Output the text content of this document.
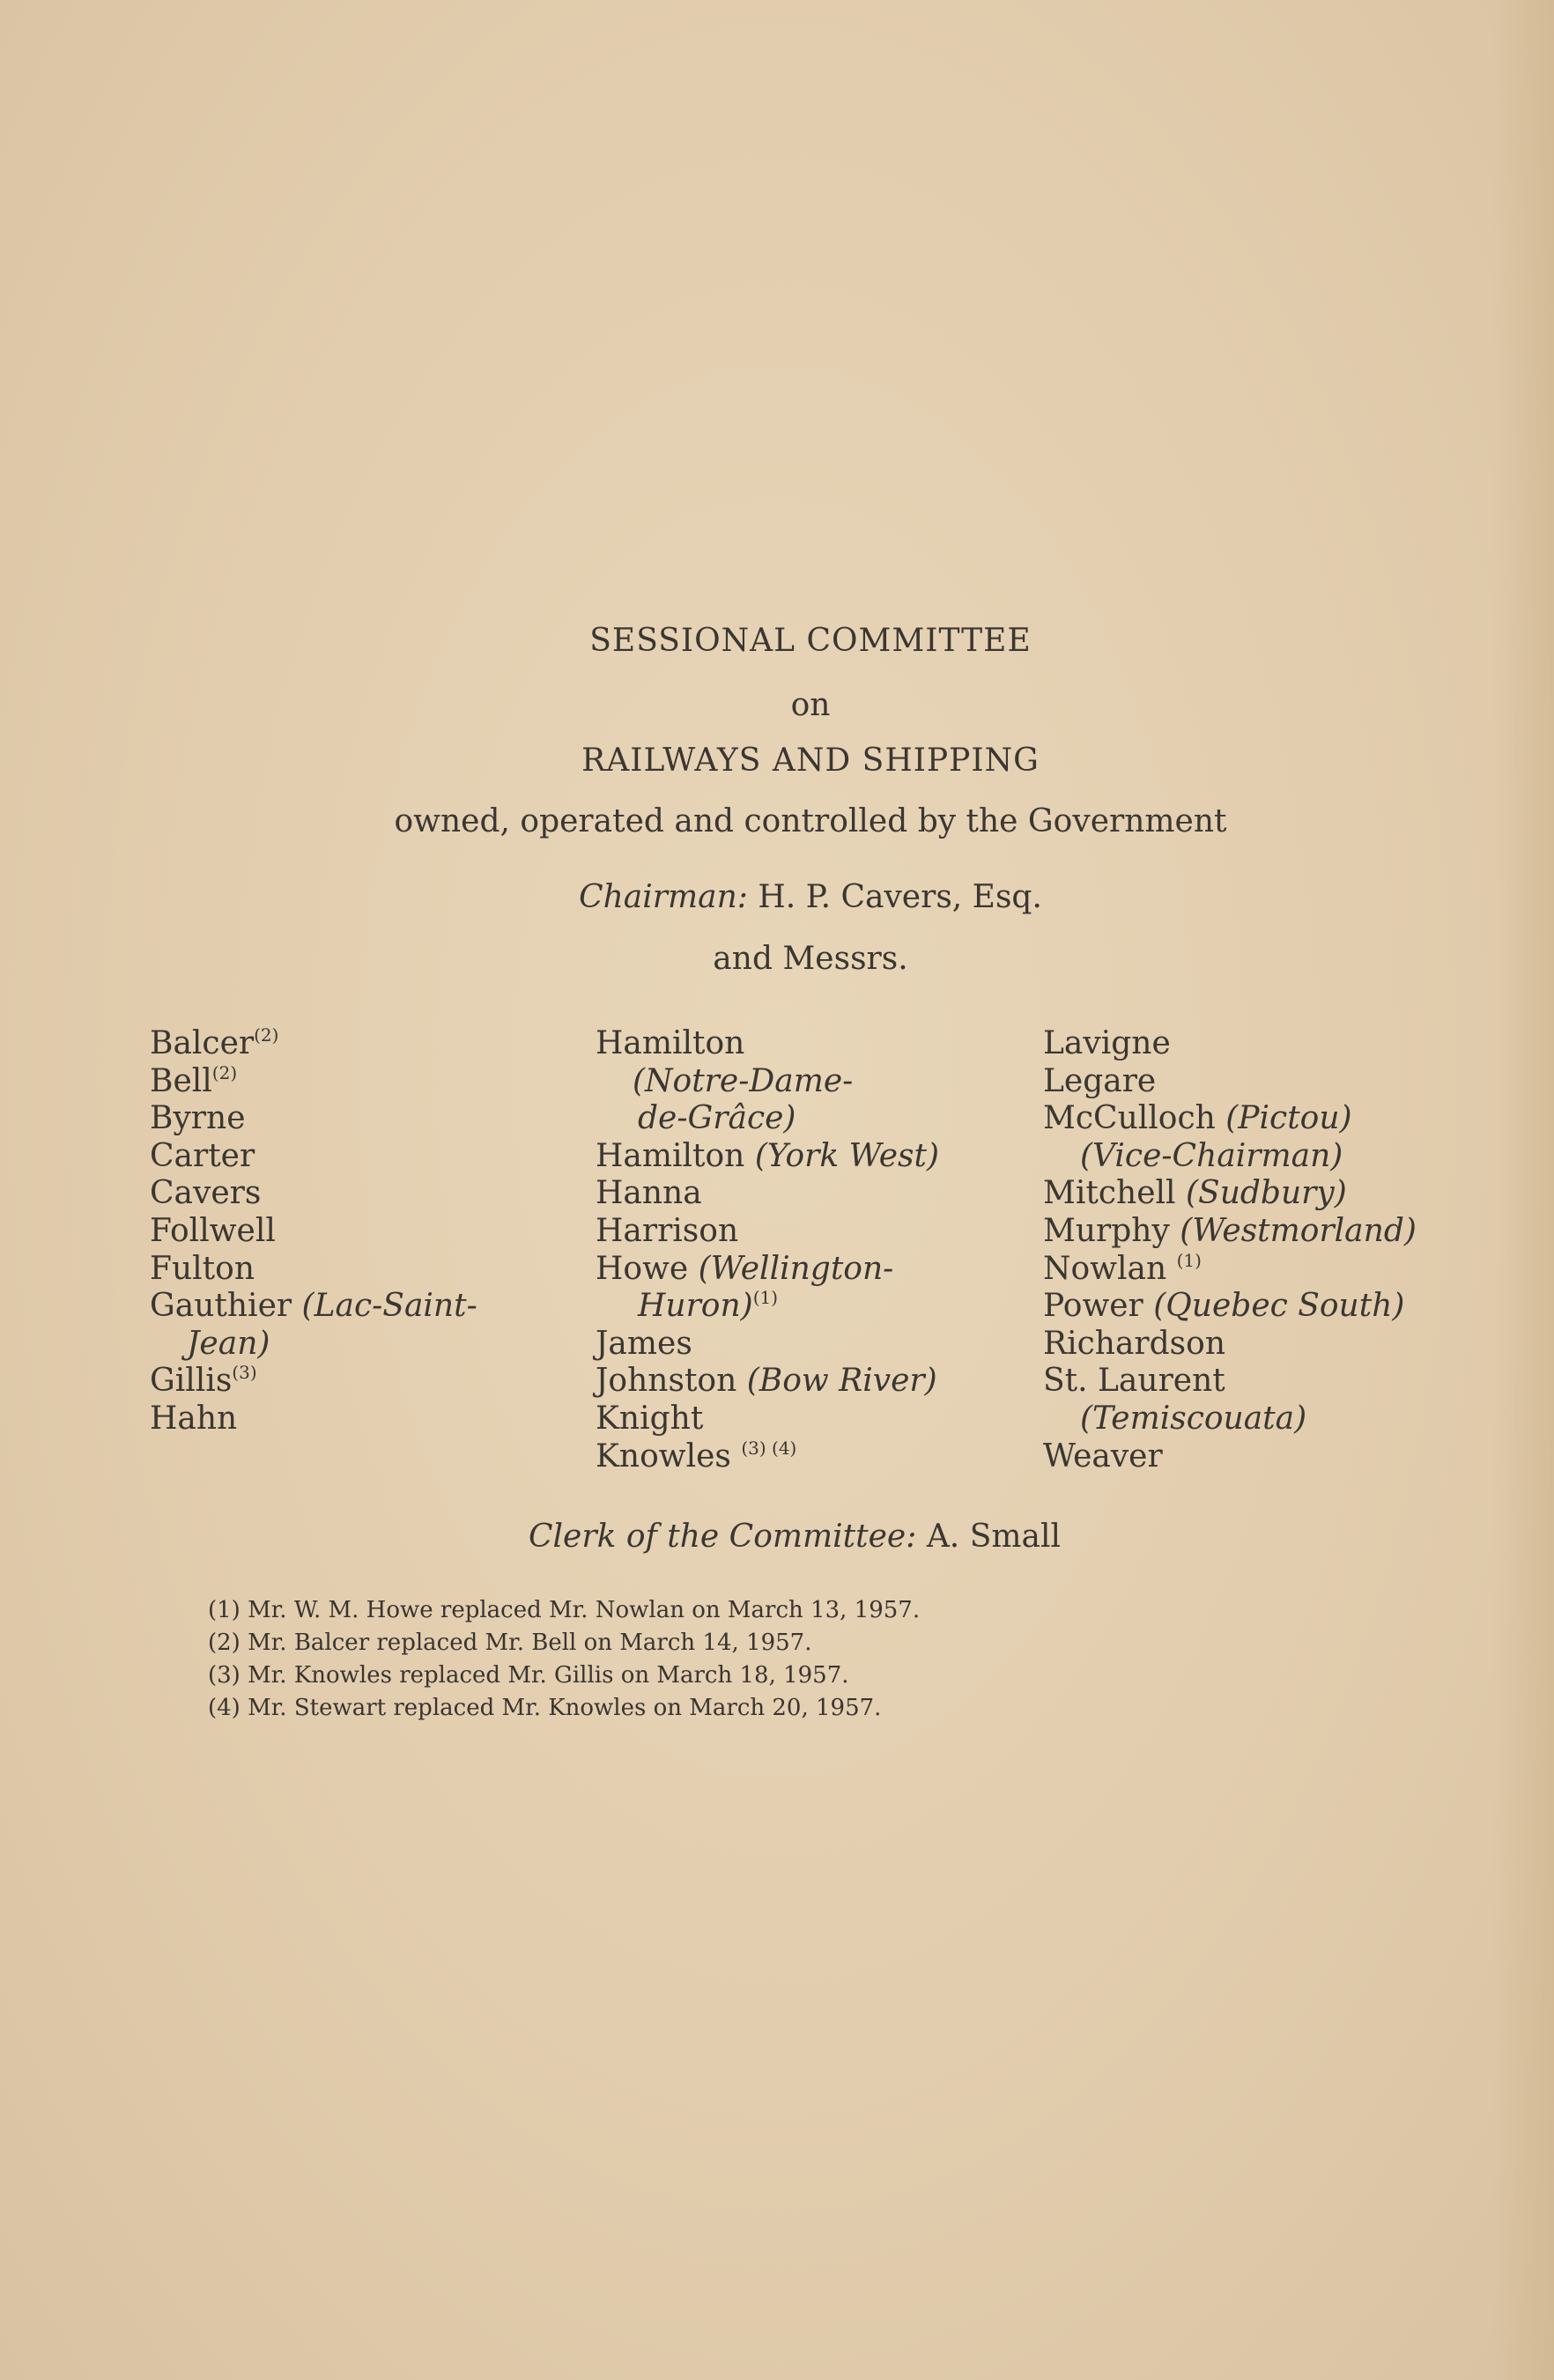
SESSIONAL COMMITTEE
on
RAILWAYS AND SHIPPING
owned, operated and controlled by the Government
Chairman: H. P. Cavers, Esq.
and Messrs.
Balcer$^{(2)}$
Bell$^{(2)}$
Byrne
Carter
Cavers
Follwell
Fulton
Gauthier (Lac-Saint-
Jean)
Gillis$^{(3)}$
Hahn
Hamilton
(Notre-Dame-
de-Grâce)
Hamilton (York West)
Hanna
Harrison
Howe (Wellington-
Huron)$^{(1)}$
James
Johnston (Bow River)
Knight
Knowles $^{(3) (4)}$
Lavigne
Legare
McCulloch (Pictou)
(Vice-Chairman)
Mitchell (Sudbury)
Murphy (Westmorland)
Nowlan $^{(1)}$
Power (Quebec South)
Richardson
St. Laurent
(Temiscouata)
Weaver
Clerk of the Committee: A. Small
(1) Mr. W. M. Howe replaced Mr. Nowlan on March 13, 1957.
(2) Mr. Balcer replaced Mr. Bell on March 14, 1957.
(3) Mr. Knowles replaced Mr. Gillis on March 18, 1957.
(4) Mr. Stewart replaced Mr. Knowles on March 20, 1957.
